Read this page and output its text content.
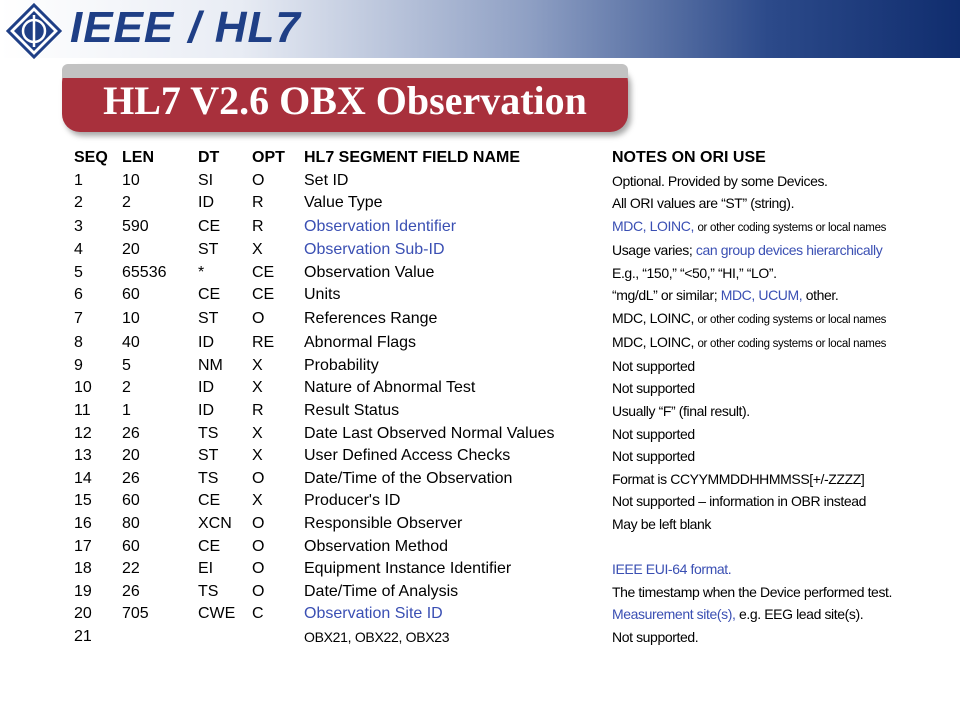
IEEE / HL7
HL7 V2.6 OBX Observation
SEQ	LEN	DT	OPT	HL7 SEGMENT FIELD NAME	NOTES ON ORI USE
1	10	SI	O	Set ID	Optional. Provided by some Devices.
2	2	ID	R	Value Type	All ORI values are “ST” (string).
3	590	CE	R	Observation Identifier	MDC, LOINC, or other coding systems or local names
4	20	ST	X	Observation Sub-ID	Usage varies; can group devices hierarchically
5	65536	*	CE	Observation Value	E.g., “150,” “<50,” “HI,” “LO”.
6	60	CE	CE	Units	“mg/dL” or similar; MDC, UCUM, other.
7	10	ST	O	References Range	MDC, LOINC, or other coding systems or local names
8	40	ID	RE	Abnormal Flags	MDC, LOINC, or other coding systems or local names
9	5	NM	X	Probability	Not supported
10	2	ID	X	Nature of Abnormal Test	Not supported
11	1	ID	R	Result Status	Usually “F” (final result).
12	26	TS	X	Date Last Observed Normal Values	Not supported
13	20	ST	X	User Defined Access Checks	Not supported
14	26	TS	O	Date/Time of the Observation	Format is CCYYMMDDHHMMSS[+/-ZZZZ]
15	60	CE	X	Producer's ID	Not supported – information in OBR instead
16	80	XCN	O	Responsible Observer	May be left blank
17	60	CE	O	Observation Method	
18	22	EI	O	Equipment Instance Identifier	IEEE EUI-64 format.
19	26	TS	O	Date/Time of Analysis	The timestamp when the Device performed test.
20	705	CWE	C	Observation Site ID	Measurement site(s), e.g. EEG lead site(s).
21				OBX21, OBX22, OBX23	Not supported.
